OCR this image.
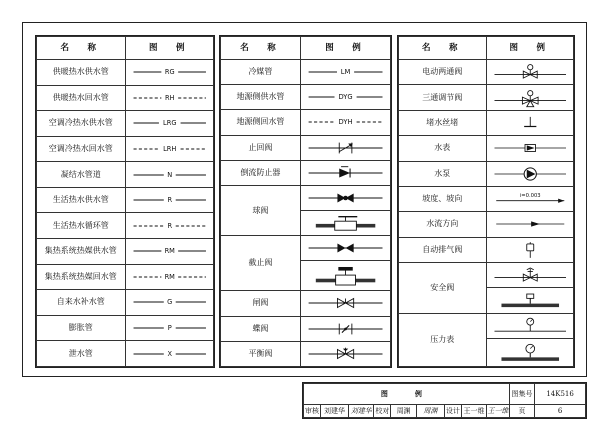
名　称	图　例
供暖热水供水管	RG

供暖热水回水管	RH

空调冷热水供水管	LRG

空调冷热水回水管	LRH

凝结水管道	N

生活热水供水管	R

生活热水循环管	R

集热系统热媒供水管	RM

集热系统热媒回水管	RM

自来水补水管	G

膨胀管	P

泄水管	X
名　称	图　例
冷媒管	LM

地源侧供水管	DYG

地源侧回水管	DYH

止回阀	

倒流防止器	

球阀	

截止阀	

闸阀	

蝶阀	

平衡阀	
名　称	图　例
电动两通阀	

三通调节阀	

堵水丝堵	

水表	

水泵	

坡度、坡向	i=0.003

水流方向	

自动排气阀	

安全阀	

压力表	

图　例									图集号	14K516
审核	刘建华	刘建华	校对	周渊	周渊	设计	王一维	王一维	页	6
